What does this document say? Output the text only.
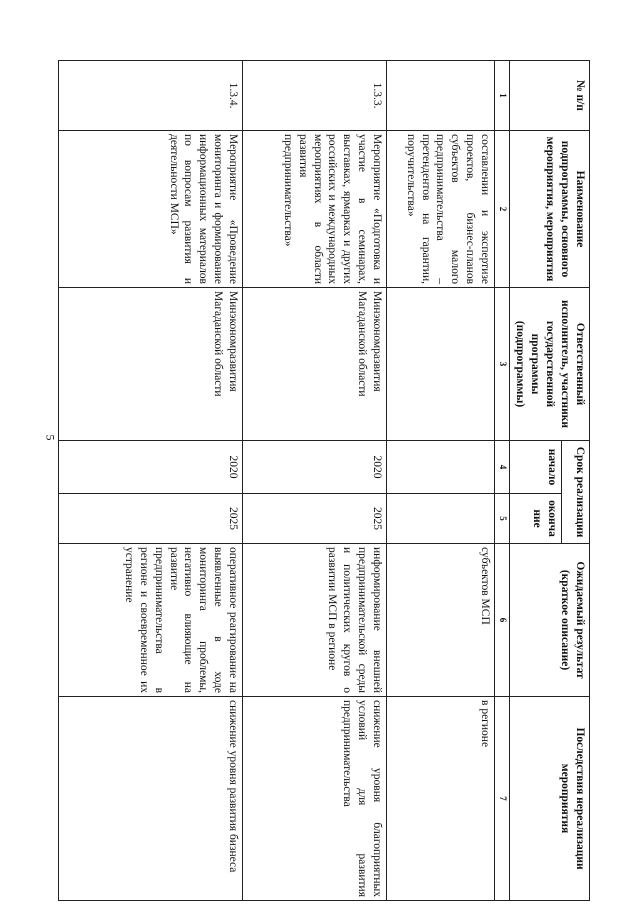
5
№ п/п	Наименование подпрограммы, основного мероприятия, мероприятия	Ответственный исполнитель, участники государственной программы (подпрограммы)	Срок реализации		Ожидаемый результат (краткое описание)	Последствия нереализации мероприятия
			начало	оконча ние		
1	2	3	4	5	6	7
	составлении и экспертизе проектов, бизнес-планов субъектов малого предпринимательства – претендентов на гарантии, поручительства»				субъектов МСП	в регионе
1.3.3.	Мероприятие «Подготовка и участие в семинарах, выставках, ярмарках и других российских и международных мероприятиях в области развития предпринимательства»	Минэкономразвития Магаданской области	2020	2025	информирование внешней предпринимательской среды и политических кругов о развитии МСП в регионе	снижение уровня благоприятных условий для развития предпринимательства
1.3.4.	Мероприятие «Проведение мониторинга и формирование информационных материалов по вопросам развития и деятельности МСП»	Минэкономразвития Магаданской области	2020	2025	оперативное реагирование на выявленные в ходе мониторинга проблемы, негативно влияющие на развитие предпринимательства в регионе и своевременное их устранение	снижение уровня развития бизнеса
